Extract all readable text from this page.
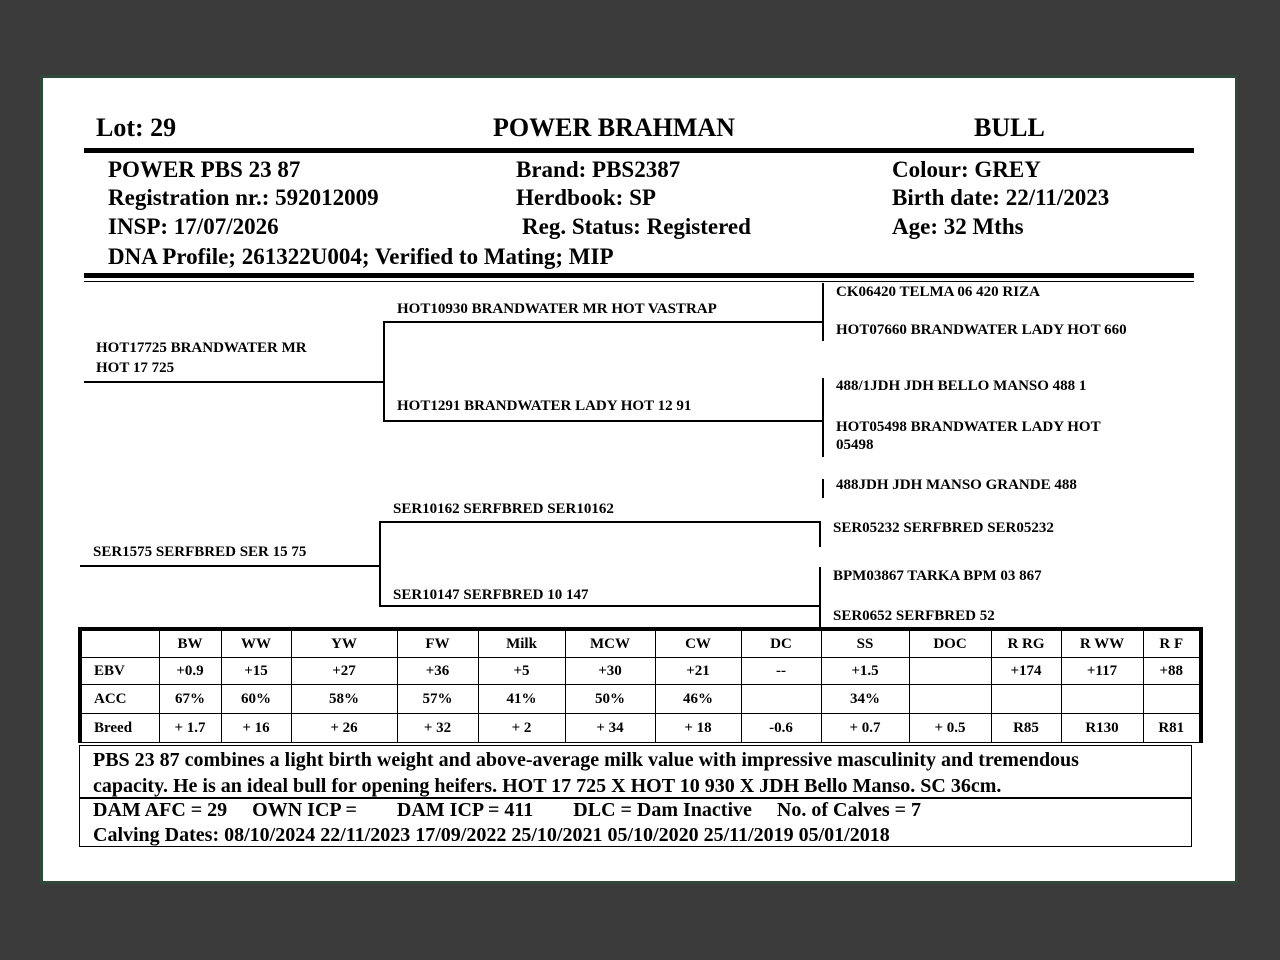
Lot: 29	POWER BRAHMAN	BULL
POWER PBS 23 87	Brand: PBS2387	Colour: GREY
Registration nr.: 592012009	Herdbook: SP	Birth date: 22/11/2023
INSP: 17/07/2026	Reg. Status: Registered	Age: 32 Mths
DNA Profile; 261322U004; Verified to Mating; MIP
HOT17725 BRANDWATER MR
HOT 17 725
HOT10930 BRANDWATER MR HOT VASTRAP
HOT1291 BRANDWATER LADY HOT 12 91
CK06420 TELMA 06 420 RIZA
HOT07660 BRANDWATER LADY HOT 660
488/1JDH JDH BELLO MANSO 488 1
HOT05498 BRANDWATER LADY HOT
05498
SER1575 SERFBRED SER 15 75
SER10162 SERFBRED SER10162
SER10147 SERFBRED 10 147
488JDH JDH MANSO GRANDE 488
SER05232 SERFBRED SER05232
BPM03867 TARKA BPM 03 867
SER0652 SERFBRED 52
	BW	WW	YW	FW	Milk	MCW	CW	DC	SS	DOC	R RG	R WW	R F
EBV	+0.9	+15	+27	+36	+5	+30	+21	--	+1.5		+174	+117	+88
ACC	67%	60%	58%	57%	41%	50%	46%		34%				
Breed	+ 1.7	+ 16	+ 26	+ 32	+ 2	+ 34	+ 18	-0.6	+ 0.7	+ 0.5	R85	R130	R81
PBS 23 87 combines a light birth weight and above-average milk value with impressive masculinity and tremendous
capacity. He is an ideal bull for opening heifers. HOT 17 725 X HOT 10 930 X JDH Bello Manso. SC 36cm.
DAM AFC = 29     OWN ICP =        DAM ICP = 411        DLC = Dam Inactive     No. of Calves = 7
Calving Dates: 08/10/2024 22/11/2023 17/09/2022 25/10/2021 05/10/2020 25/11/2019 05/01/2018
